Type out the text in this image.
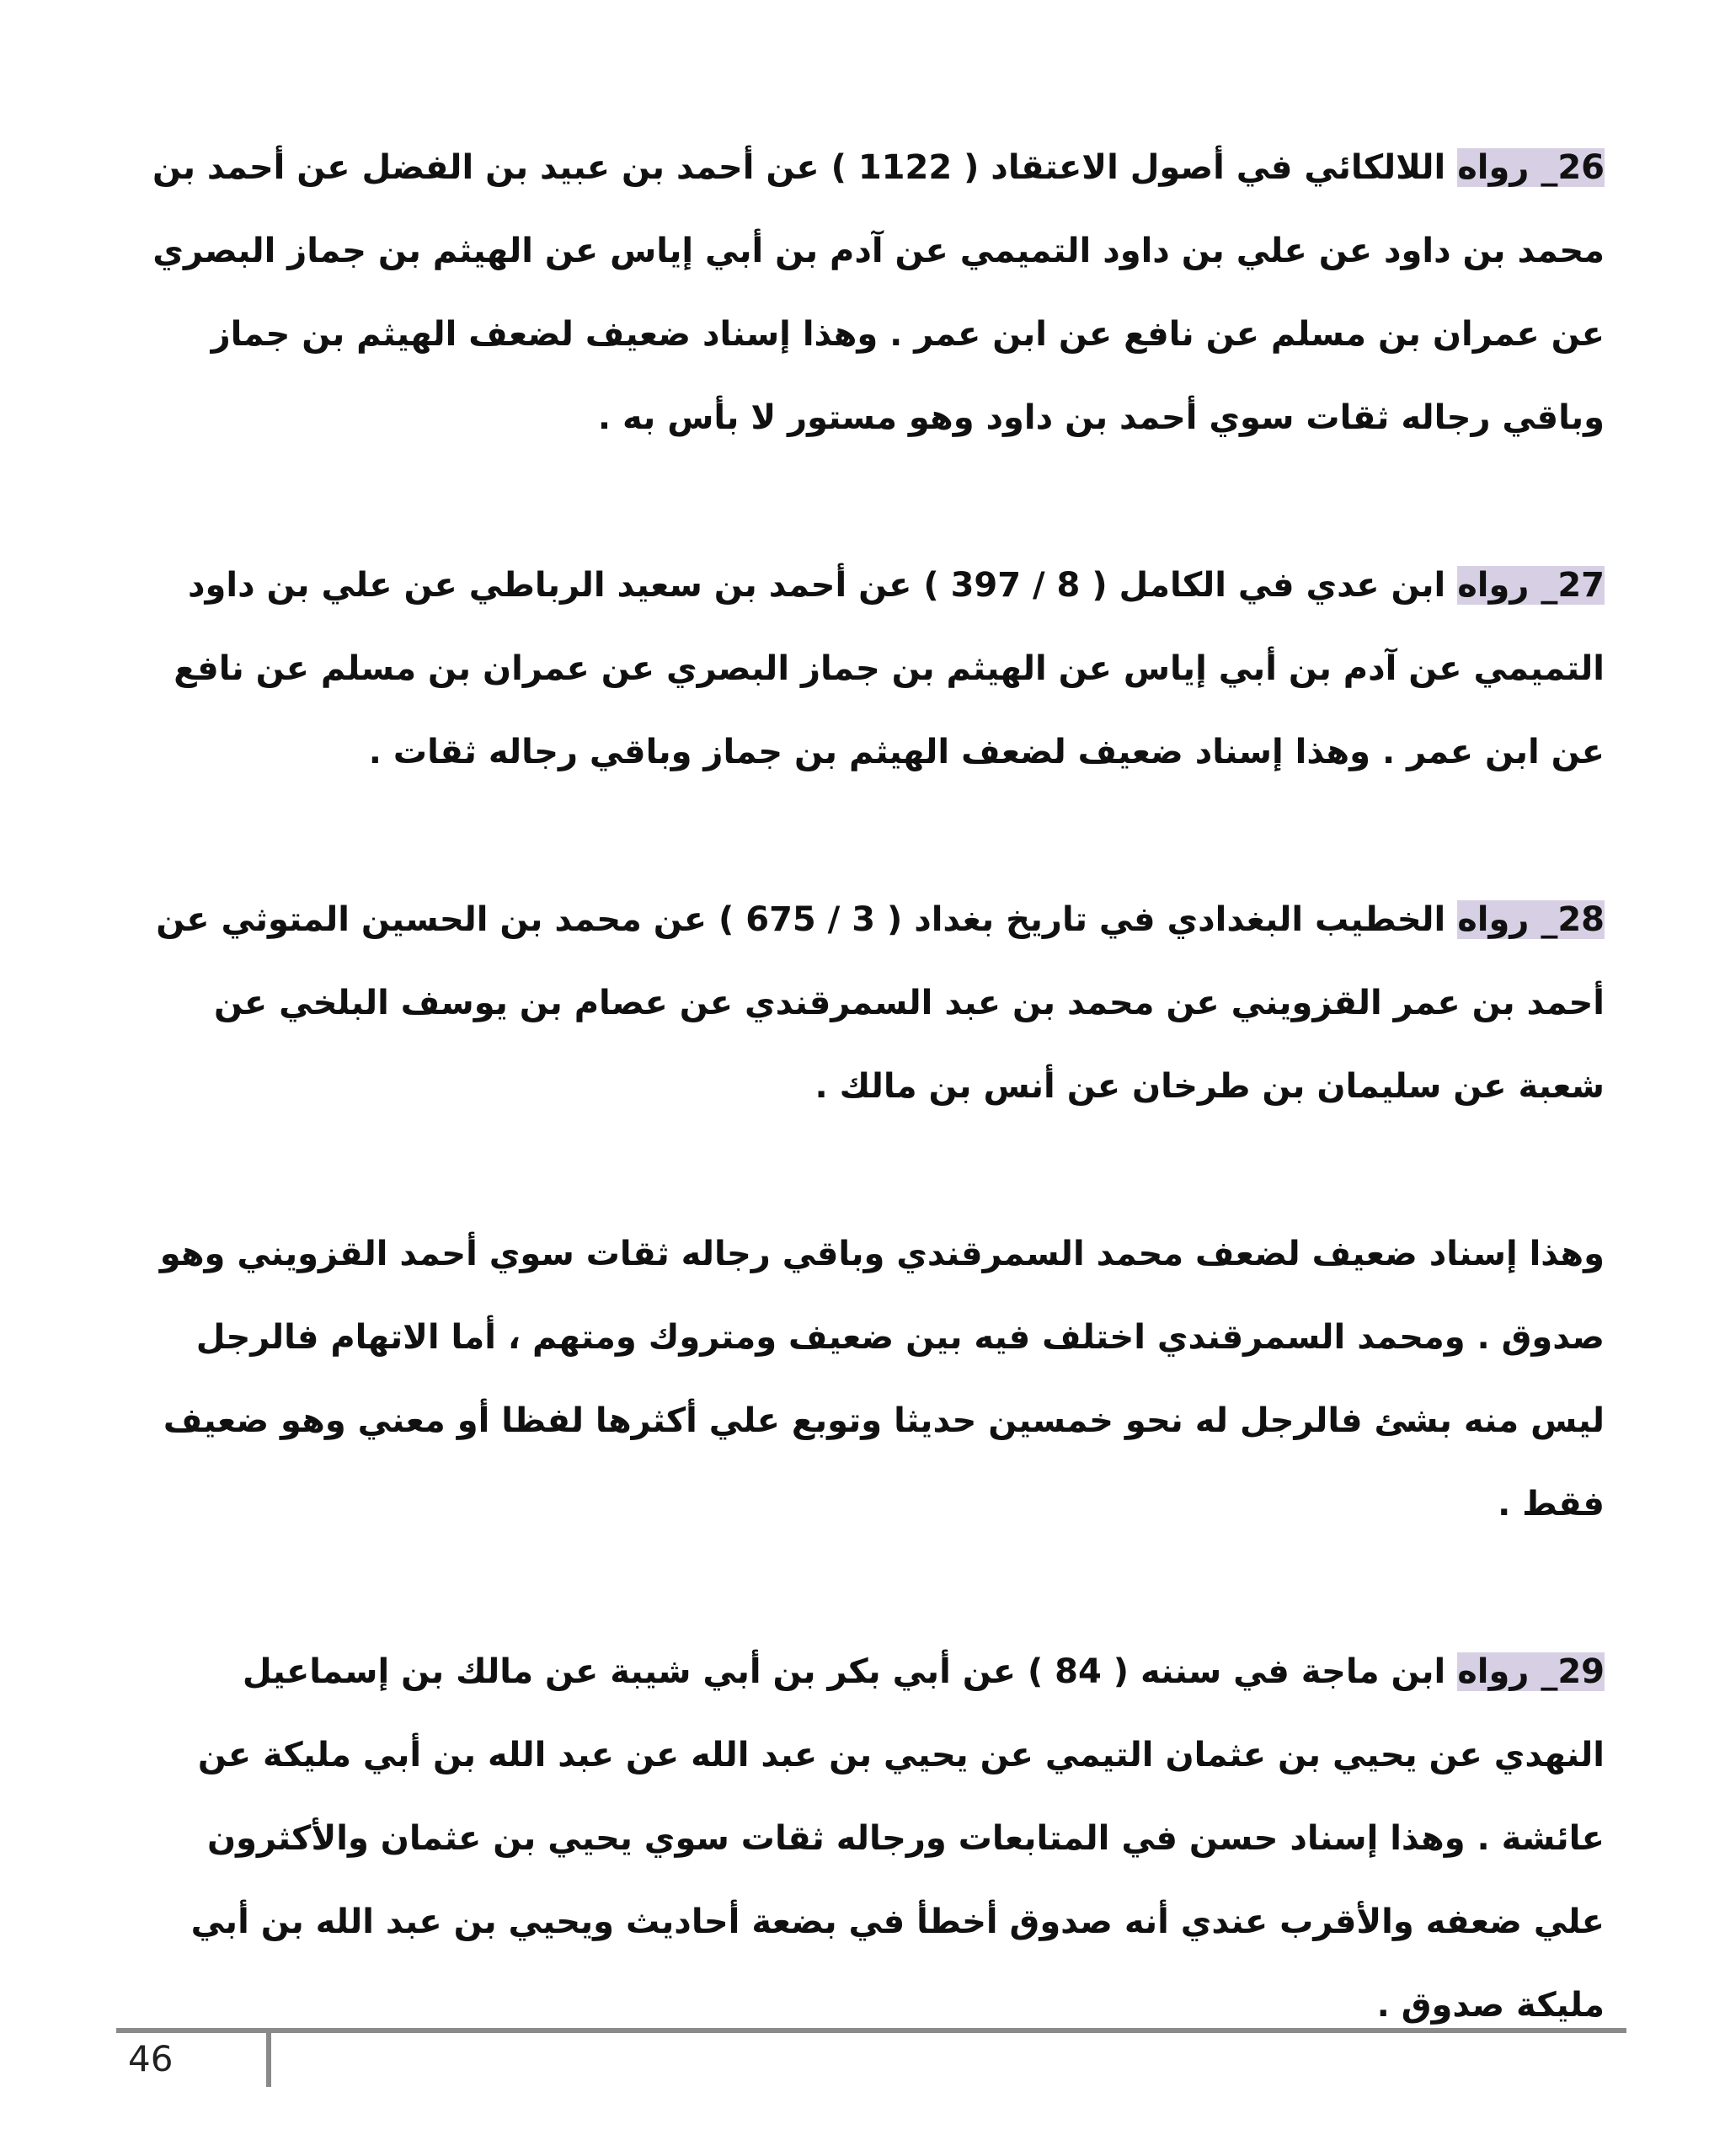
26_ رواه اللالكائي في أصول الاعتقاد ( 1122 ) عن أحمد بن عبيد بن الفضل عن أحمد بن محمد بن داود عن علي بن داود التميمي عن آدم بن أبي إياس عن الهيثم بن جماز البصري عن عمران بن مسلم عن نافع عن ابن عمر . وهذا إسناد ضعيف لضعف الهيثم بن جماز وباقي رجاله ثقات سوي أحمد بن داود وهو مستور لا بأس به .

27_ رواه ابن عدي في الكامل ( 8 / 397 ) عن أحمد بن سعيد الرباطي عن علي بن داود التميمي عن آدم بن أبي إياس عن الهيثم بن جماز البصري عن عمران بن مسلم عن نافع عن ابن عمر . وهذا إسناد ضعيف لضعف الهيثم بن جماز وباقي رجاله ثقات .

28_ رواه الخطيب البغدادي في تاريخ بغداد ( 3 / 675 ) عن محمد بن الحسين المتوثي عن أحمد بن عمر القزويني عن محمد بن عبد السمرقندي عن عصام بن يوسف البلخي عن شعبة عن سليمان بن طرخان عن أنس بن مالك .

وهذا إسناد ضعيف لضعف محمد السمرقندي وباقي رجاله ثقات سوي أحمد القزويني وهو صدوق . ومحمد السمرقندي اختلف فيه بين ضعيف ومتروك ومتهم ، أما الاتهام فالرجل ليس منه بشئ فالرجل له نحو خمسين حديثا وتوبع علي أكثرها لفظا أو معني وهو ضعيف فقط .

29_ رواه ابن ماجة في سننه ( 84 ) عن أبي بكر بن أبي شيبة عن مالك بن إسماعيل النهدي عن يحيي بن عثمان التيمي عن يحيي بن عبد الله عن عبد الله بن أبي مليكة عن عائشة . وهذا إسناد حسن في المتابعات ورجاله ثقات سوي يحيي بن عثمان والأكثرون علي ضعفه والأقرب عندي أنه صدوق أخطأ في بضعة أحاديث ويحيي بن عبد الله بن أبي مليكة صدوق .

46
